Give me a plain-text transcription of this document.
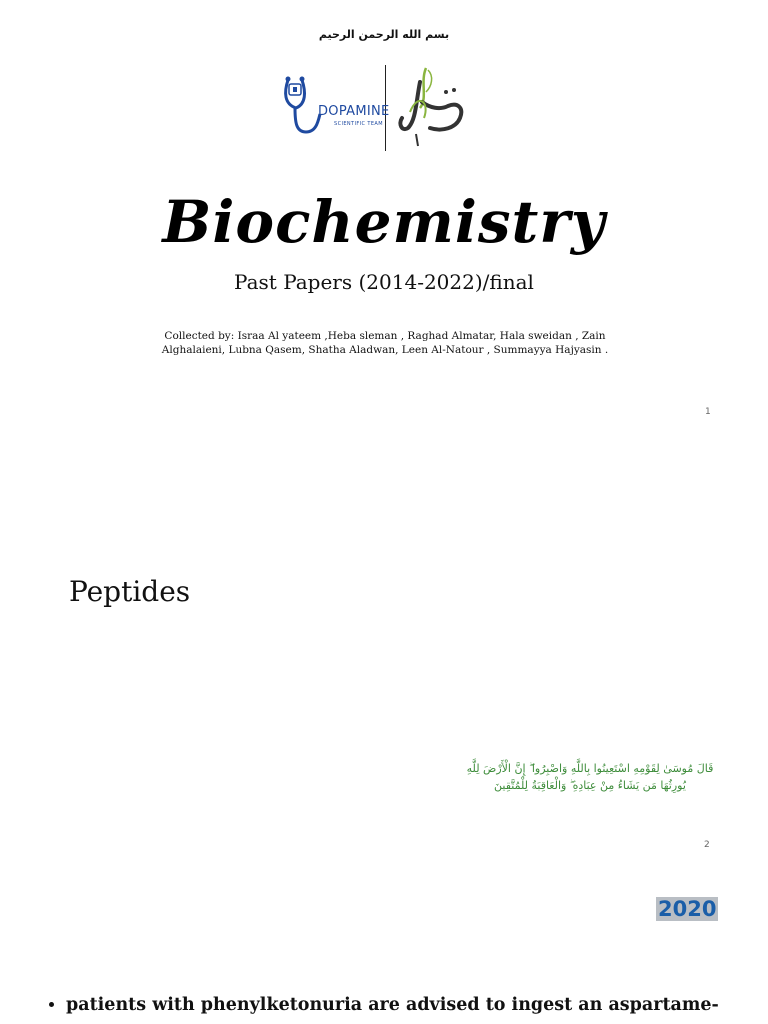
بسم الله الرحمن الرحيم
DOPAMINE
SCIENTIFIC TEAM
Biochemistry
Past Papers (2014-2022)/final
Collected by: Israa Al yateem ,Heba sleman , Raghad Almatar, Hala sweidan , Zain
Alghalaieni, Lubna Qasem, Shatha Aladwan, Leen Al-Natour , Summayya Hajyasin .
1
Peptides
قَالَ مُوسَىٰ لِقَوْمِهِ اسْتَعِينُوا بِاللَّهِ وَاصْبِرُوا ۖ إِنَّ الْأَرْضَ لِلَّهِ
يُورِثُهَا مَن يَشَاءُ مِنْ عِبَادِهِ ۖ وَالْعَاقِبَةُ لِلْمُتَّقِينَ
2
2020
• patients with phenylketonuria are advised to ingest an aspartame-
